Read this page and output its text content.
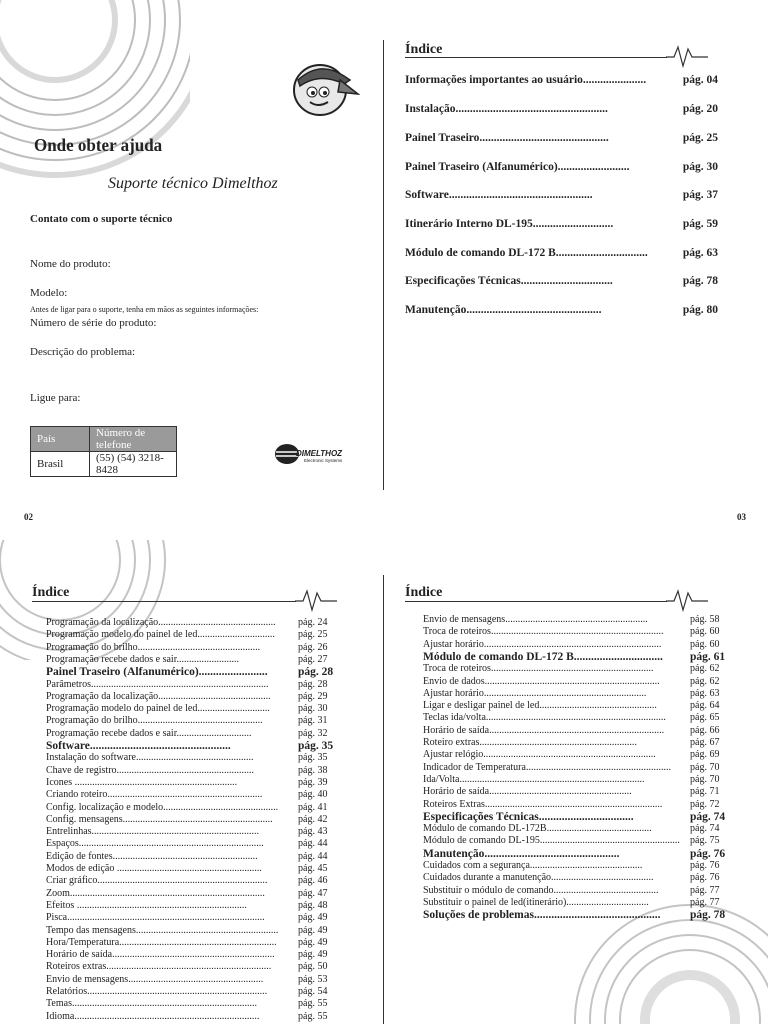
Onde obter ajuda
Suporte técnico Dimelthoz
Contato com o suporte técnico
Nome do produto:
Modelo:
Antes de ligar para o suporte, tenha em mãos as seguintes informações:
Número de série do produto:
Descrição do problema:
Ligue para:
País	Número de telefone
Brasil	(55) (54) 3218-8428
DIMELTHOZ
Electronic Systems
02	03
Índice
Informações importantes ao usuário......................	pág. 04
Instalação.....................................................	pág. 20
Painel Traseiro.............................................	pág. 25
Painel Traseiro (Alfanumérico).........................	pág. 30
Software..................................................	pág. 37
Itinerário Interno DL-195............................	pág. 59
Módulo de comando DL-172 B................................	pág. 63
Especificações Técnicas................................	pág. 78
Manutenção...............................................	pág. 80
Índice
Programação da localização...............................................	pág. 24
Programação modelo do painel de led...............................	pág. 25
Programação do brilho.................................................	pág. 26
Programação recebe dados e sair.........................	pág. 27
Painel Traseiro (Alfanumérico)........................	pág. 28
Parâmetros.......................................................................	pág. 28
Programação da localização.............................................	pág. 29
Programação modelo do painel de led.............................	pág. 30
Programação do brilho..................................................	pág. 31
Programação recebe dados e sair..............................	pág. 32
Software.................................................	pág. 35
Instalação do software...............................................	pág. 35
Chave de registro.......................................................	pág. 38
Icones .................................................................	pág. 39
Criando roteiro..............................................................	pág. 40
Config. localização e modelo..............................................	pág. 41
Config. mensagens............................................................	pág. 42
Entrelinhas...................................................................	pág. 43
Espaços..........................................................................	pág. 44
Edição de fontes..........................................................	pág. 44
Modos de edição ..........................................................	pág. 45
Criar gráfico....................................................................	pág. 46
Zoom..............................................................................	pág. 47
Efeitos ....................................................................	pág. 48
Pisca...............................................................................	pág. 49
Tempo das mensagens.........................................................	pág. 49
Hora/Temperatura...............................................................	pág. 49
Horário de saída.................................................................	pág. 49
Roteiros extras..................................................................	pág. 50
Envio de mensagens......................................................	pág. 53
Relatórios........................................................................	pág. 54
Temas..........................................................................	pág. 55
Idioma..........................................................................	pág. 55
Índice
Envio de mensagens.........................................................	pág. 58
Troca de roteiros.....................................................................	pág. 60
Ajustar horário.......................................................................	pág. 60
Módulo de comando DL-172 B...............................	pág. 61
Troca de roteiros.................................................................	pág. 62
Envio de dados......................................................................	pág. 62
Ajustar horário.................................................................	pág. 63
Ligar e desligar painel de led...............................................	pág. 64
Teclas ida/volta........................................................................	pág. 65
Horário de saída......................................................................	pág. 66
Roteiro extras...............................................................	pág. 67
Ajustar relógio.....................................................................	pág. 69
Indicador de Temperatura..........................................................	pág. 70
Ida/Volta..........................................................................	pág. 70
Horário de saída.........................................................	pág. 71
Roteiros Extras.......................................................................	pág. 72
Especificações Técnicas.................................	pág. 74
Módulo de comando DL-172B..........................................	pág. 74
Módulo de comando DL-195........................................................ pág. 75
Manutenção...............................................	pág. 76
Cuidados com a segurança.............................................	pág. 76
Cuidados durante a manutenção.........................................	pág. 76
Substituir o módulo de comando..........................................	pág. 77
Substituir o painel de led(itinerário).................................	pág. 77
Soluções de problemas............................................	pág. 78
